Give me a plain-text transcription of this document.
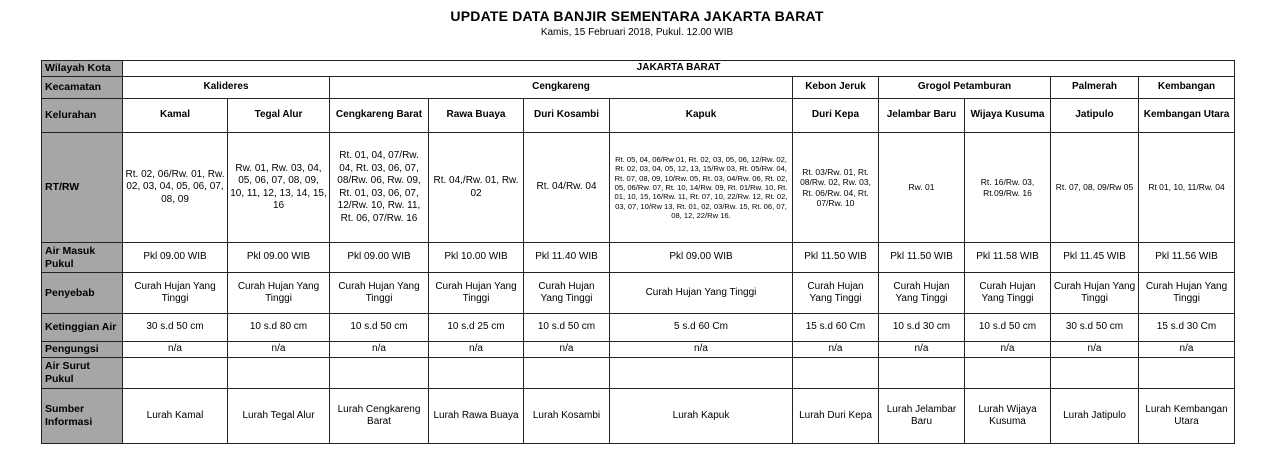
UPDATE DATA BANJIR SEMENTARA JAKARTA BARAT
Kamis, 15 Februari 2018, Pukul. 12.00 WIB
Wilayah Kota	JAKARTA BARAT										
Kecamatan	Kalideres		Cengkareng				Kebon Jeruk	Grogol Petamburan		Palmerah	Kembangan
Kelurahan	Kamal	Tegal Alur	Cengkareng Barat	Rawa Buaya	Duri Kosambi	Kapuk	Duri Kepa	Jelambar Baru	Wijaya Kusuma	Jatipulo	Kembangan Utara
RT/RW	Rt. 02, 06/Rw. 01, Rw. 02, 03, 04, 05, 06, 07, 08, 09	Rw. 01, Rw. 03, 04, 05, 06, 07, 08, 09, 10, 11, 12, 13, 14, 15, 16	Rt. 01, 04, 07/Rw. 04, Rt. 03, 06, 07, 08/Rw. 06, Rw. 09, Rt. 01, 03, 06, 07, 12/Rw. 10, Rw. 11, Rt. 06, 07/Rw. 16	Rt. 04,/Rw. 01, Rw. 02	Rt. 04/Rw. 04	Rt. 05, 04, 06/Rw 01, Rt. 02, 03, 05, 06, 12/Rw. 02, Rt. 02, 03, 04, 05, 12, 13, 15/Rw 03, Rt. 05/Rw. 04, Rt. 07, 08, 09, 10/Rw. 05, Rt. 03, 04/Rw. 06, Rt. 02, 05, 06/Rw. 07, Rt. 10, 14/Rw. 09, Rt. 01/Rw. 10, Rt. 01, 10, 15, 16/Rw. 11, Rt. 07, 10, 22/Rw. 12, Rt. 02, 03, 07, 10/Rw 13, Rt. 01, 02, 03/Rw. 15, Rt. 06, 07, 08, 12, 22/Rw 16.	Rt. 03/Rw. 01, Rt. 08/Rw. 02, Rw. 03, Rt. 06/Rw. 04, Rt. 07/Rw. 10	Rw. 01	Rt. 16/Rw. 03, Rt.09/Rw. 16	Rt. 07, 08, 09/Rw 05	Rt 01, 10, 11/Rw. 04
Air Masuk Pukul	Pkl 09.00 WIB	Pkl 09.00 WIB	Pkl 09.00 WIB	Pkl 10.00 WIB	Pkl 11.40 WIB	Pkl 09.00 WIB	Pkl 11.50 WIB	Pkl 11.50 WIB	Pkl 11.58 WIB	Pkl 11.45 WIB	Pkl 11.56 WIB
Penyebab	Curah Hujan Yang Tinggi	Curah Hujan Yang Tinggi	Curah Hujan Yang Tinggi	Curah Hujan Yang Tinggi	Curah Hujan Yang Tinggi	Curah Hujan Yang Tinggi	Curah Hujan Yang Tinggi	Curah Hujan Yang Tinggi	Curah Hujan Yang Tinggi	Curah Hujan Yang Tinggi	Curah Hujan Yang Tinggi
Ketinggian Air	30 s.d 50 cm	10 s.d 80 cm	10 s.d 50 cm	10 s.d 25 cm	10 s.d 50 cm	5 s.d 60 Cm	15 s.d 60 Cm	10 s.d 30 cm	10 s.d 50 cm	30 s.d 50 cm	15 s.d 30 Cm
Pengungsi	n/a	n/a	n/a	n/a	n/a	n/a	n/a	n/a	n/a	n/a	n/a
Air Surut Pukul											
Sumber Informasi	Lurah Kamal	Lurah Tegal Alur	Lurah Cengkareng Barat	Lurah Rawa Buaya	Lurah Kosambi	Lurah Kapuk	Lurah Duri Kepa	Lurah Jelambar Baru	Lurah Wijaya Kusuma	Lurah Jatipulo	Lurah Kembangan Utara
